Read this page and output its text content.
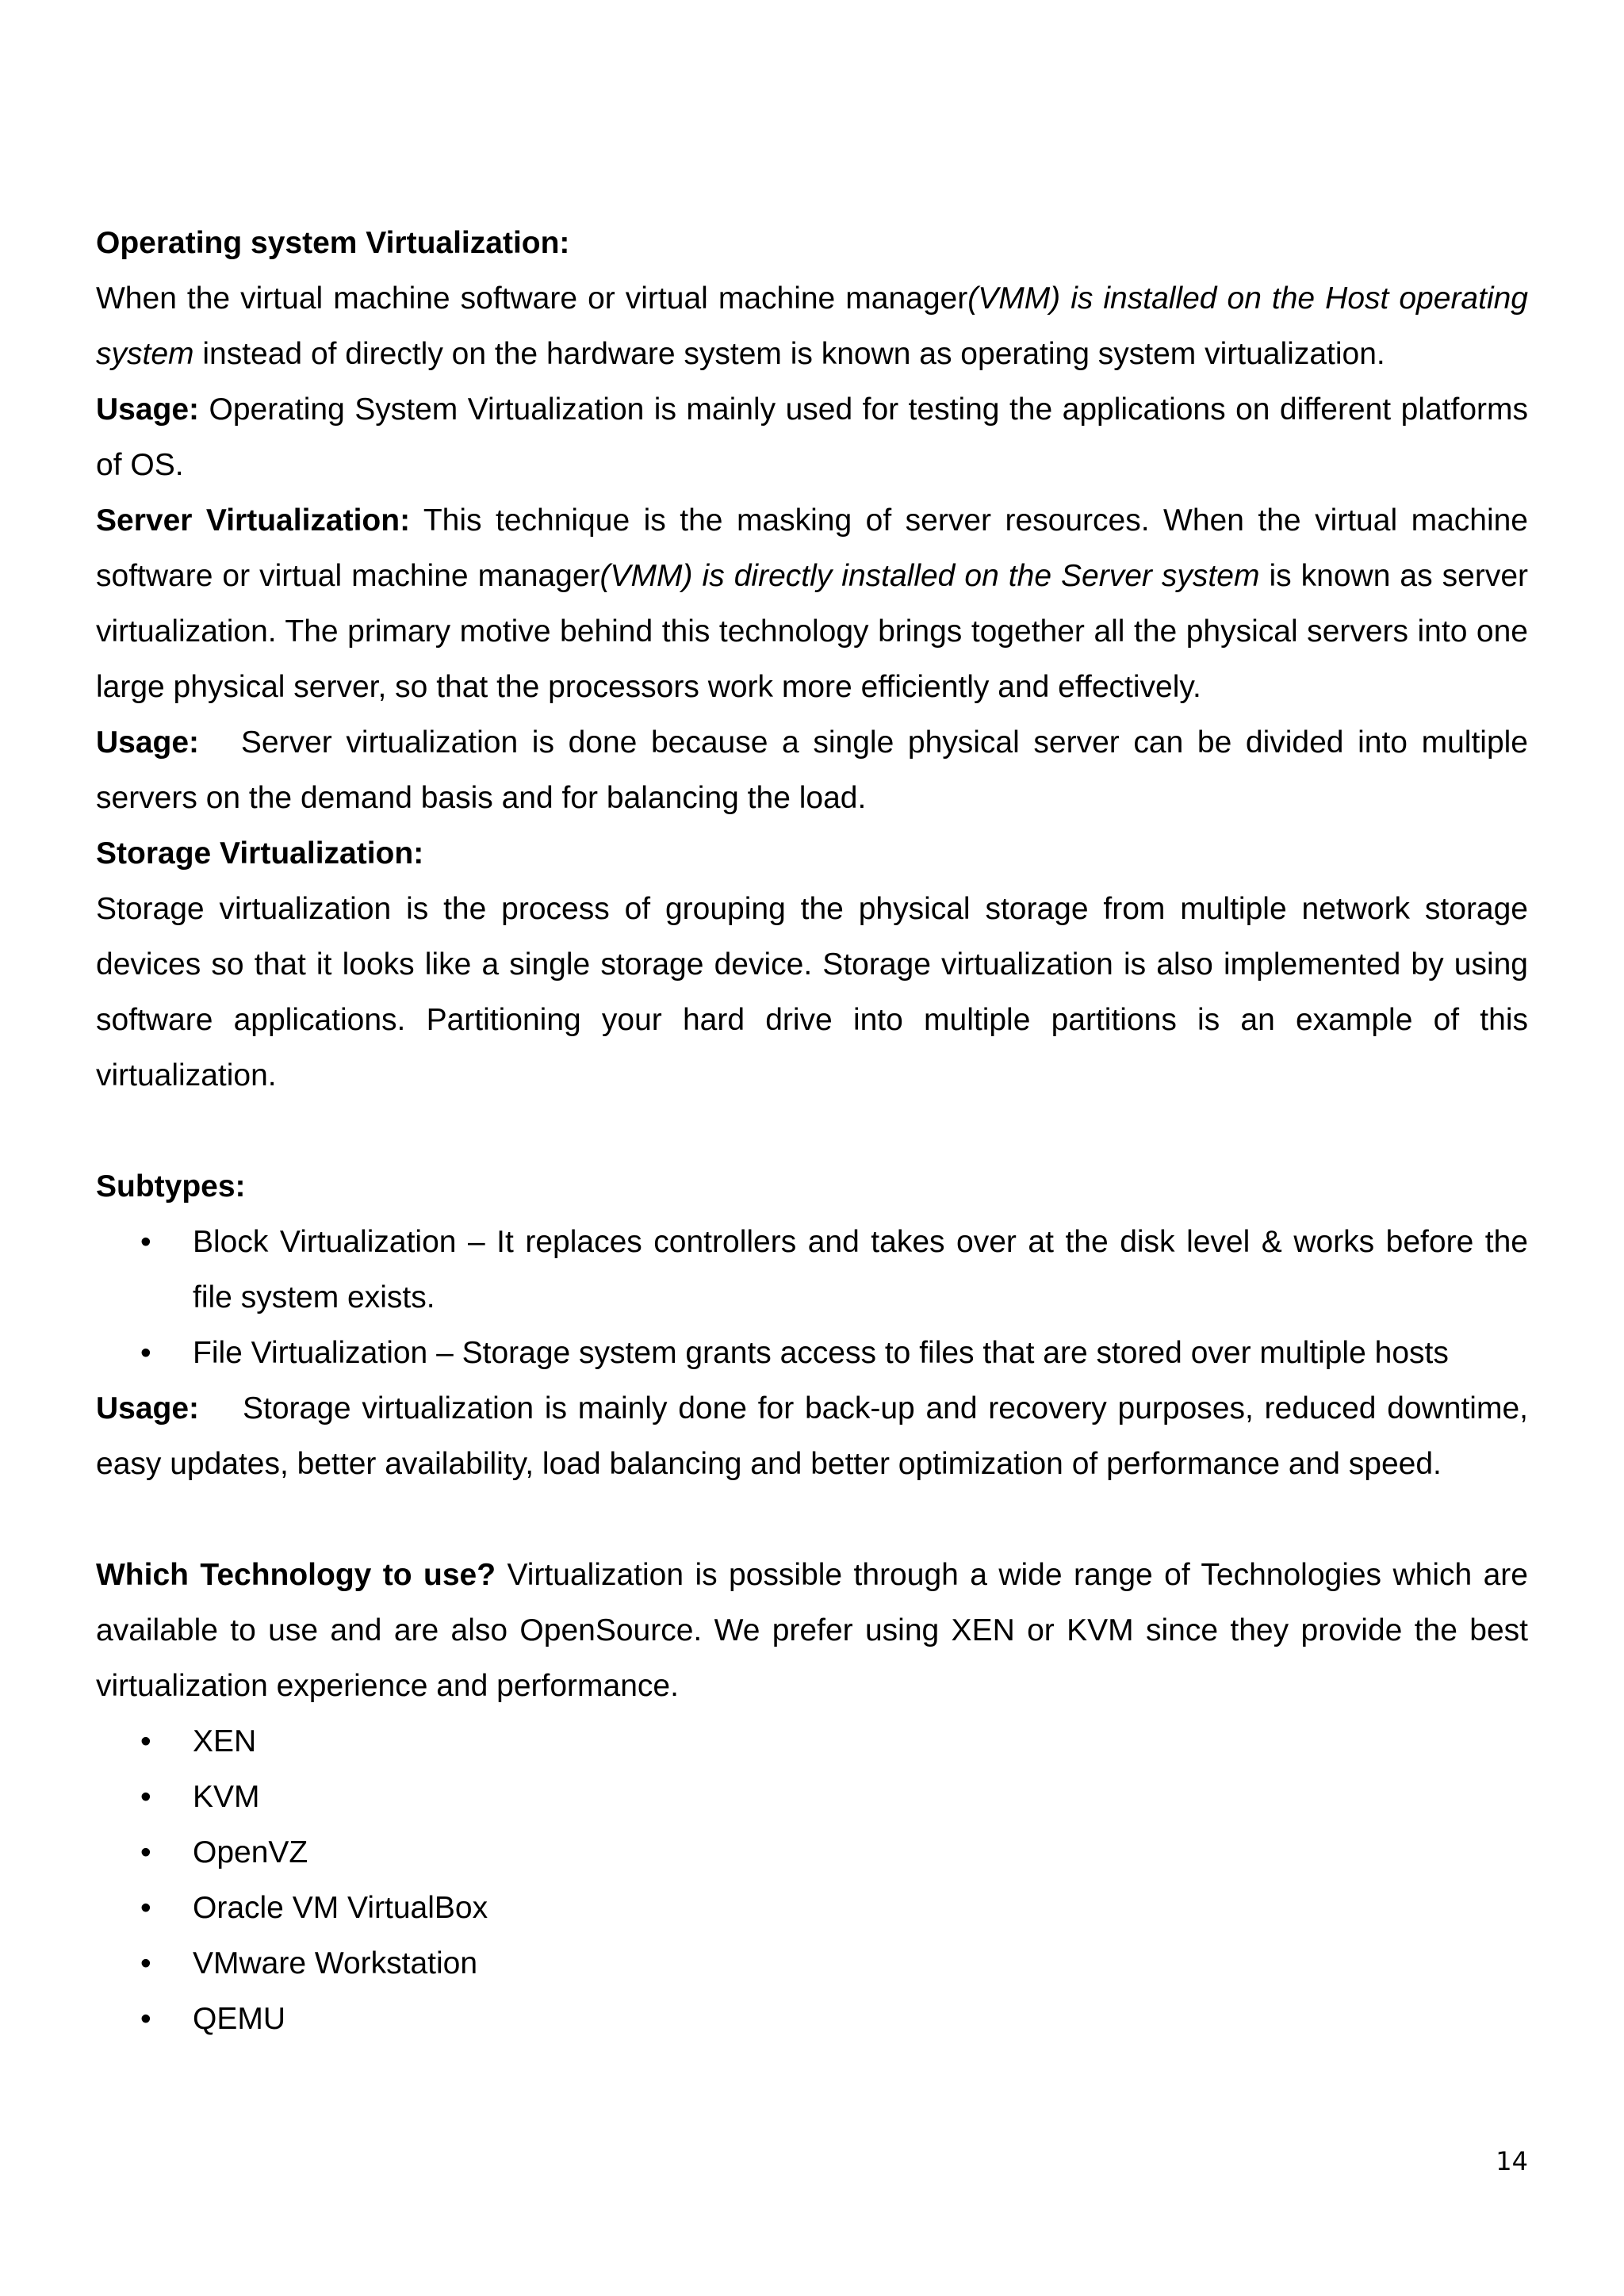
Operating system Virtualization:

When the virtual machine software or virtual machine manager(VMM) is installed on the Host operating system instead of directly on the hardware system is known as operating system virtualization.

Usage: Operating System Virtualization is mainly used for testing the applications on different platforms of OS.

Server Virtualization: This technique is the masking of server resources. When the virtual machine software or virtual machine manager(VMM) is directly installed on the Server system is known as server virtualization. The primary motive behind this technology brings together all the physical servers into one large physical server, so that the processors work more efficiently and effectively.

Usage:   Server virtualization is done because a single physical server can be divided into multiple servers on the demand basis and for balancing the load.

Storage Virtualization:

Storage virtualization is the process of grouping the physical storage from multiple network storage devices so that it looks like a single storage device. Storage virtualization is also implemented by using software applications. Partitioning your hard drive into multiple partitions is an example of this virtualization.

Subtypes:

• Block Virtualization – It replaces controllers and takes over at the disk level & works before the file system exists.
• File Virtualization – Storage system grants access to files that are stored over multiple hosts

Usage:    Storage virtualization is mainly done for back-up and recovery purposes, reduced downtime, easy updates, better availability, load balancing and better optimization of performance and speed.

Which Technology to use? Virtualization is possible through a wide range of Technologies which are available to use and are also OpenSource. We prefer using XEN or KVM since they provide the best virtualization experience and performance.

• XEN
• KVM
• OpenVZ
• Oracle VM VirtualBox
• VMware Workstation
• QEMU
14
